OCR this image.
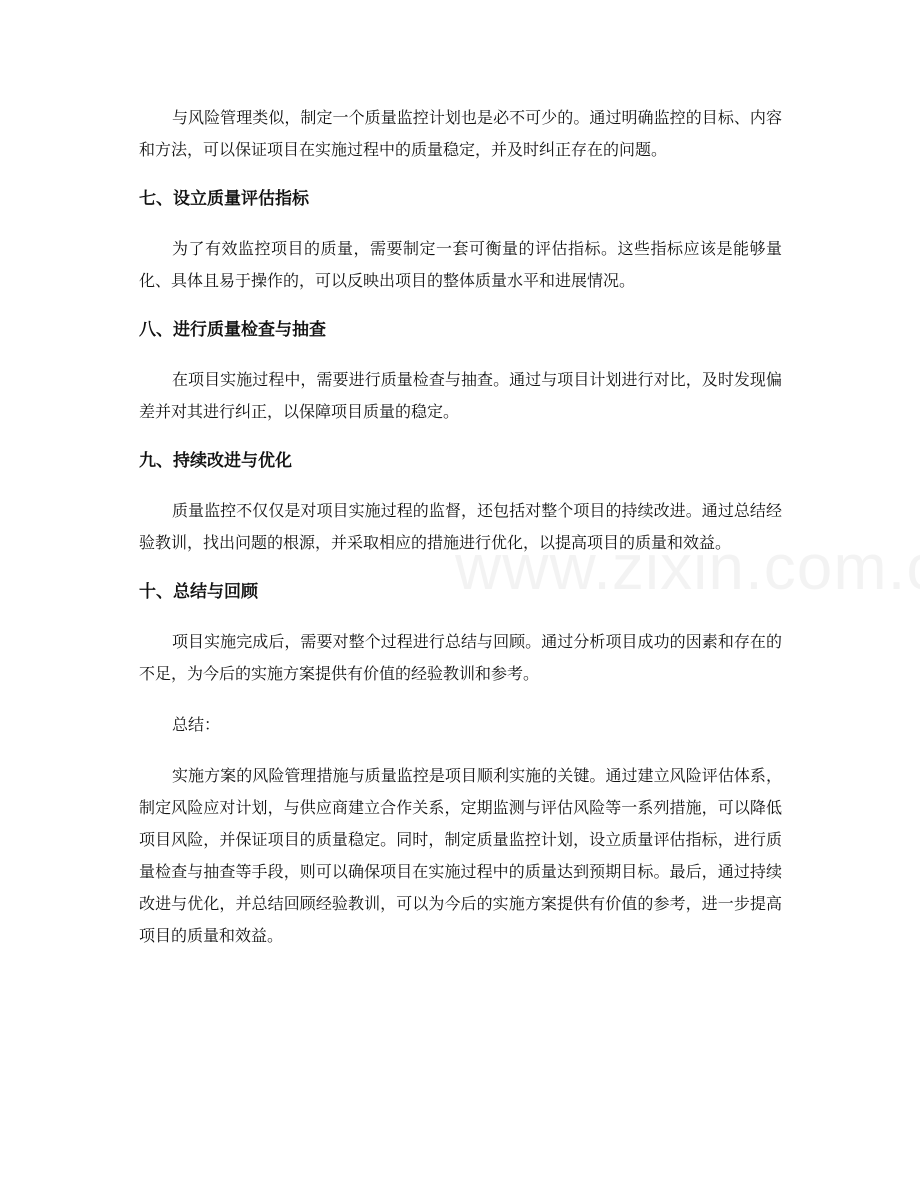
与风险管理类似，制定一个质量监控计划也是必不可少的。通过明确监控的目标、内容和方法，可以保证项目在实施过程中的质量稳定，并及时纠正存在的问题。

七、设立质量评估指标

为了有效监控项目的质量，需要制定一套可衡量的评估指标。这些指标应该是能够量化、具体且易于操作的，可以反映出项目的整体质量水平和进展情况。

八、进行质量检查与抽查

在项目实施过程中，需要进行质量检查与抽查。通过与项目计划进行对比，及时发现偏差并对其进行纠正，以保障项目质量的稳定。

九、持续改进与优化

质量监控不仅仅是对项目实施过程的监督，还包括对整个项目的持续改进。通过总结经验教训，找出问题的根源，并采取相应的措施进行优化，以提高项目的质量和效益。

十、总结与回顾

项目实施完成后，需要对整个过程进行总结与回顾。通过分析项目成功的因素和存在的不足，为今后的实施方案提供有价值的经验教训和参考。

总结：

实施方案的风险管理措施与质量监控是项目顺利实施的关键。通过建立风险评估体系，制定风险应对计划，与供应商建立合作关系，定期监测与评估风险等一系列措施，可以降低项目风险，并保证项目的质量稳定。同时，制定质量监控计划，设立质量评估指标，进行质量检查与抽查等手段，则可以确保项目在实施过程中的质量达到预期目标。最后，通过持续改进与优化，并总结回顾经验教训，可以为今后的实施方案提供有价值的参考，进一步提高项目的质量和效益。
